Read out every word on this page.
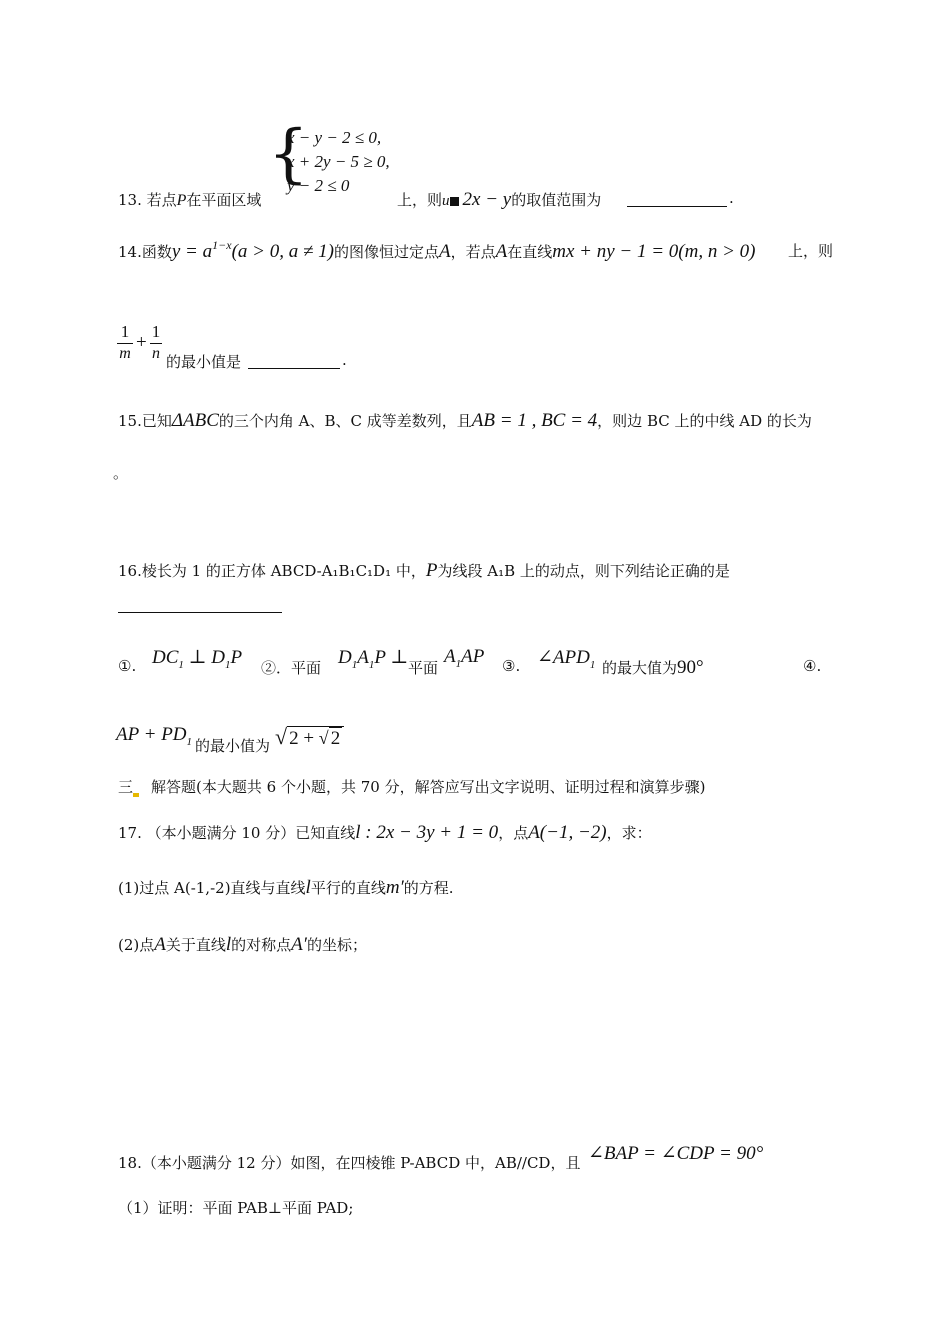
{
x − y − 2 ≤ 0,
x + 2y − 5 ≥ 0,
y − 2 ≤ 0
13. 若点P在平面区域	上，则u 2x − y的取值范围为	.
14.函数$y = a^{1-x}(a > 0$, a ≠ 1)的图像恒过定点A，若点A在直线mx + ny − 1 = 0(m, n > 0) 上，则
1
m
+
1
n 的最小值是	.
15.已知ΔABC的三个内角 A、B、C 成等差数列，且AB = 1 , BC = 4，则边 BC 上的中线 AD 的长为
。
16.棱长为 1 的正方体 ABCD-A₁B₁C₁D₁ 中，P为线段 A₁B 上的动点，则下列结论正确的是
①. $DC_1$ ⊥ $D_1P$ ②．平面 $D_1A_1P$ ⊥ 平面
$A_1AP$ ③. $\angle APD_1$ 的最大值为90°	④.
AP + $PD_1$ 的最小值为 √ 2 + √ 2
三 解答题(本大题共 6 个小题，共 70 分，解答应写出文字说明、证明过程和演算步骤)
17. （本小题满分 10 分）已知直线l : 2x − 3y + 1 = 0，点A(−1, −2)，求：
(1)过点 A(-1,-2)直线与直线l平行的直线m′的方程.
(2)点A关于直线l的对称点A′的坐标；
18.（本小题满分 12 分）如图，在四棱锥 P-ABCD 中，AB//CD，且 ∠BAP = ∠CDP = 90°
（1）证明：平面 PAB⊥平面 PAD;
